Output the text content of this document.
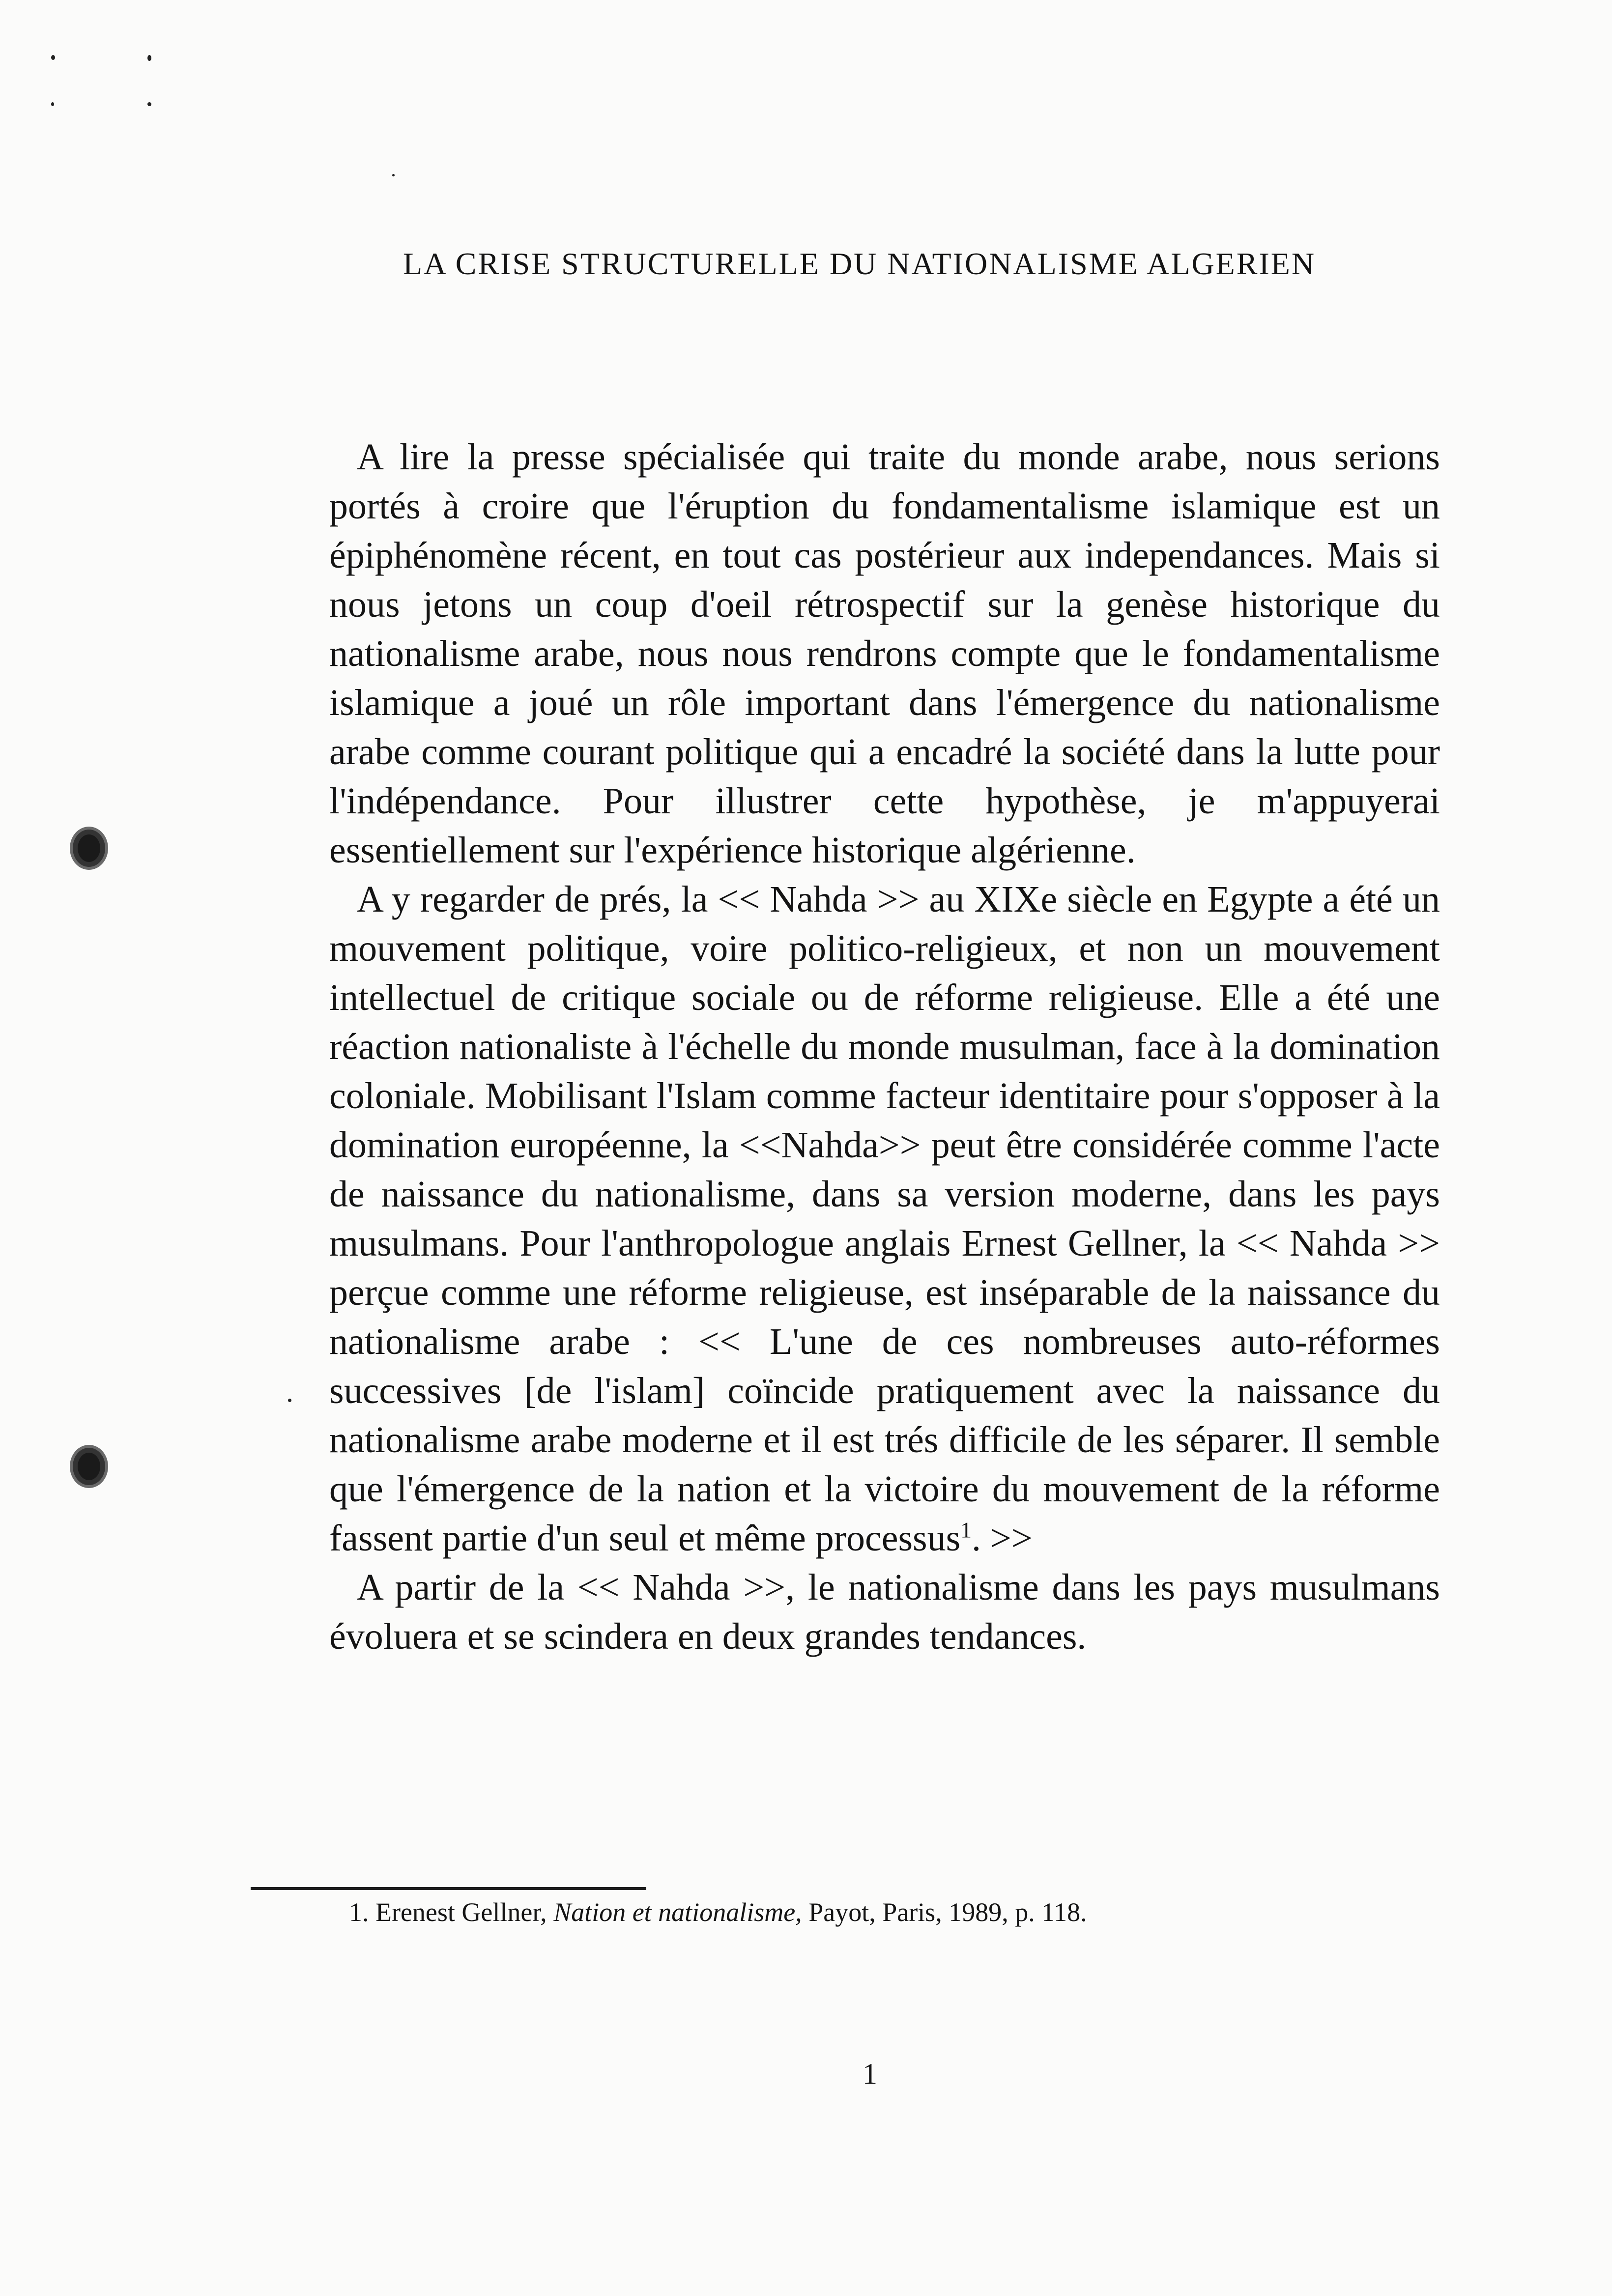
LA CRISE STRUCTURELLE DU NATIONALISME ALGERIEN

A lire la presse spécialisée qui traite du monde arabe, nous serions portés à croire que l'éruption du fondamentalisme islamique est un épiphénomène récent, en tout cas postérieur aux independances. Mais si nous jetons un coup d'oeil rétrospectif sur la genèse historique du nationalisme arabe, nous nous rendrons compte que le fondamentalisme islamique a joué un rôle important dans l'émergence du nationalisme arabe comme courant politique qui a encadré la société dans la lutte pour l'indépendance. Pour illustrer cette hypothèse, je m'appuyerai essentiellement sur l'expérience historique algérienne.

A y regarder de prés, la << Nahda >> au XIXe siècle en Egypte a été un mouvement politique, voire politico-religieux, et non un mouvement intellectuel de critique sociale ou de réforme religieuse. Elle a été une réaction nationaliste à l'échelle du monde musulman, face à la domination coloniale. Mobilisant l'Islam comme facteur identitaire pour s'opposer à la domination européenne, la <<Nahda>> peut être considérée comme l'acte de naissance du nationalisme, dans sa version moderne, dans les pays musulmans. Pour l'anthropologue anglais Ernest Gellner, la << Nahda >> perçue comme une réforme religieuse, est inséparable de la naissance du nationalisme arabe : << L'une de ces nombreuses auto-réformes successives [de l'islam] coïncide pratiquement avec la naissance du nationalisme arabe moderne et il est trés difficile de les séparer. Il semble que l'émergence de la nation et la victoire du mouvement de la réforme fassent partie d'un seul et même processus$^1$. >>

A partir de la << Nahda >>, le nationalisme dans les pays musulmans évoluera et se scindera en deux grandes tendances.

1. Erenest Gellner, Nation et nationalisme, Payot, Paris, 1989, p. 118.
1
